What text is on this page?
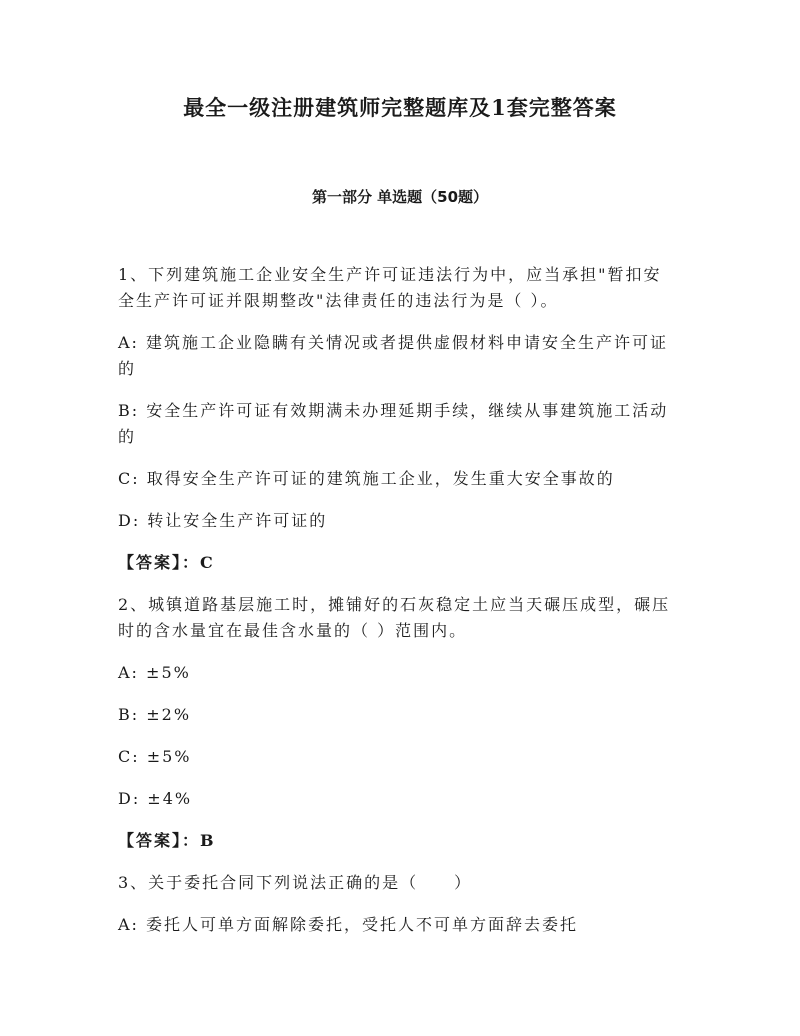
最全一级注册建筑师完整题库及1套完整答案
第一部分 单选题（50题）
1、下列建筑施工企业安全生产许可证违法行为中，应当承担"暂扣安
全生产许可证并限期整改"法律责任的违法行为是（ ）。
A: 建筑施工企业隐瞒有关情况或者提供虚假材料申请安全生产许可证
的
B: 安全生产许可证有效期满未办理延期手续，继续从事建筑施工活动
的
C: 取得安全生产许可证的建筑施工企业，发生重大安全事故的
D: 转让安全生产许可证的
【答案】：C
2、城镇道路基层施工时，摊铺好的石灰稳定土应当天碾压成型，碾压
时的含水量宜在最佳含水量的（ ）范围内。
A: ±5%
B: ±2%
C: ±5%
D: ±4%
【答案】：B
3、关于委托合同下列说法正确的是（　　）
A: 委托人可单方面解除委托，受托人不可单方面辞去委托
